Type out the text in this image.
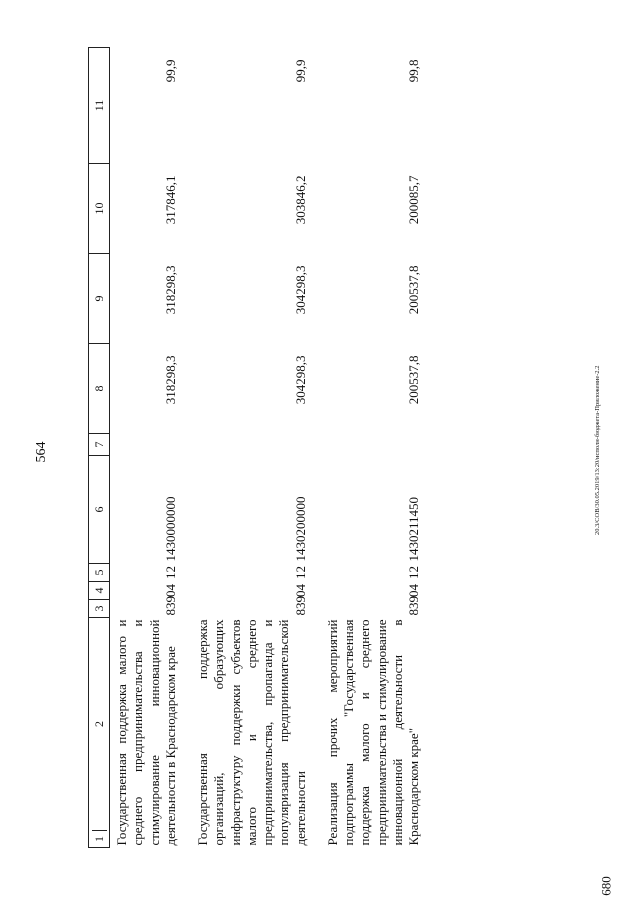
564
680
20.3/СОВ/30.05.2019/13:20/исполн-бюджета-Приложение-2.2
1
2	3	4	5	6	7	8	9	10	11
Государственная поддержка малого и среднего предпринимательства и стимулирование инновационной деятельности в Краснодарском крае	839	04	12	1430000000		318298,3	318298,3	317846,1	99,9
Государственная поддержка организаций, образующих инфраструктуру поддержки субъектов малого и среднего предпринимательства, пропаганда и популяризация предпринимательской деятельности	839	04	12	1430200000		304298,3	304298,3	303846,2	99,9
Реализация прочих мероприятий подпрограммы "Государственная поддержка малого и среднего предпринимательства и стимулирование инновационной деятельности в Краснодарском крае"	839	04	12	1430211450		200537,8	200537,8	200085,7	99,8
